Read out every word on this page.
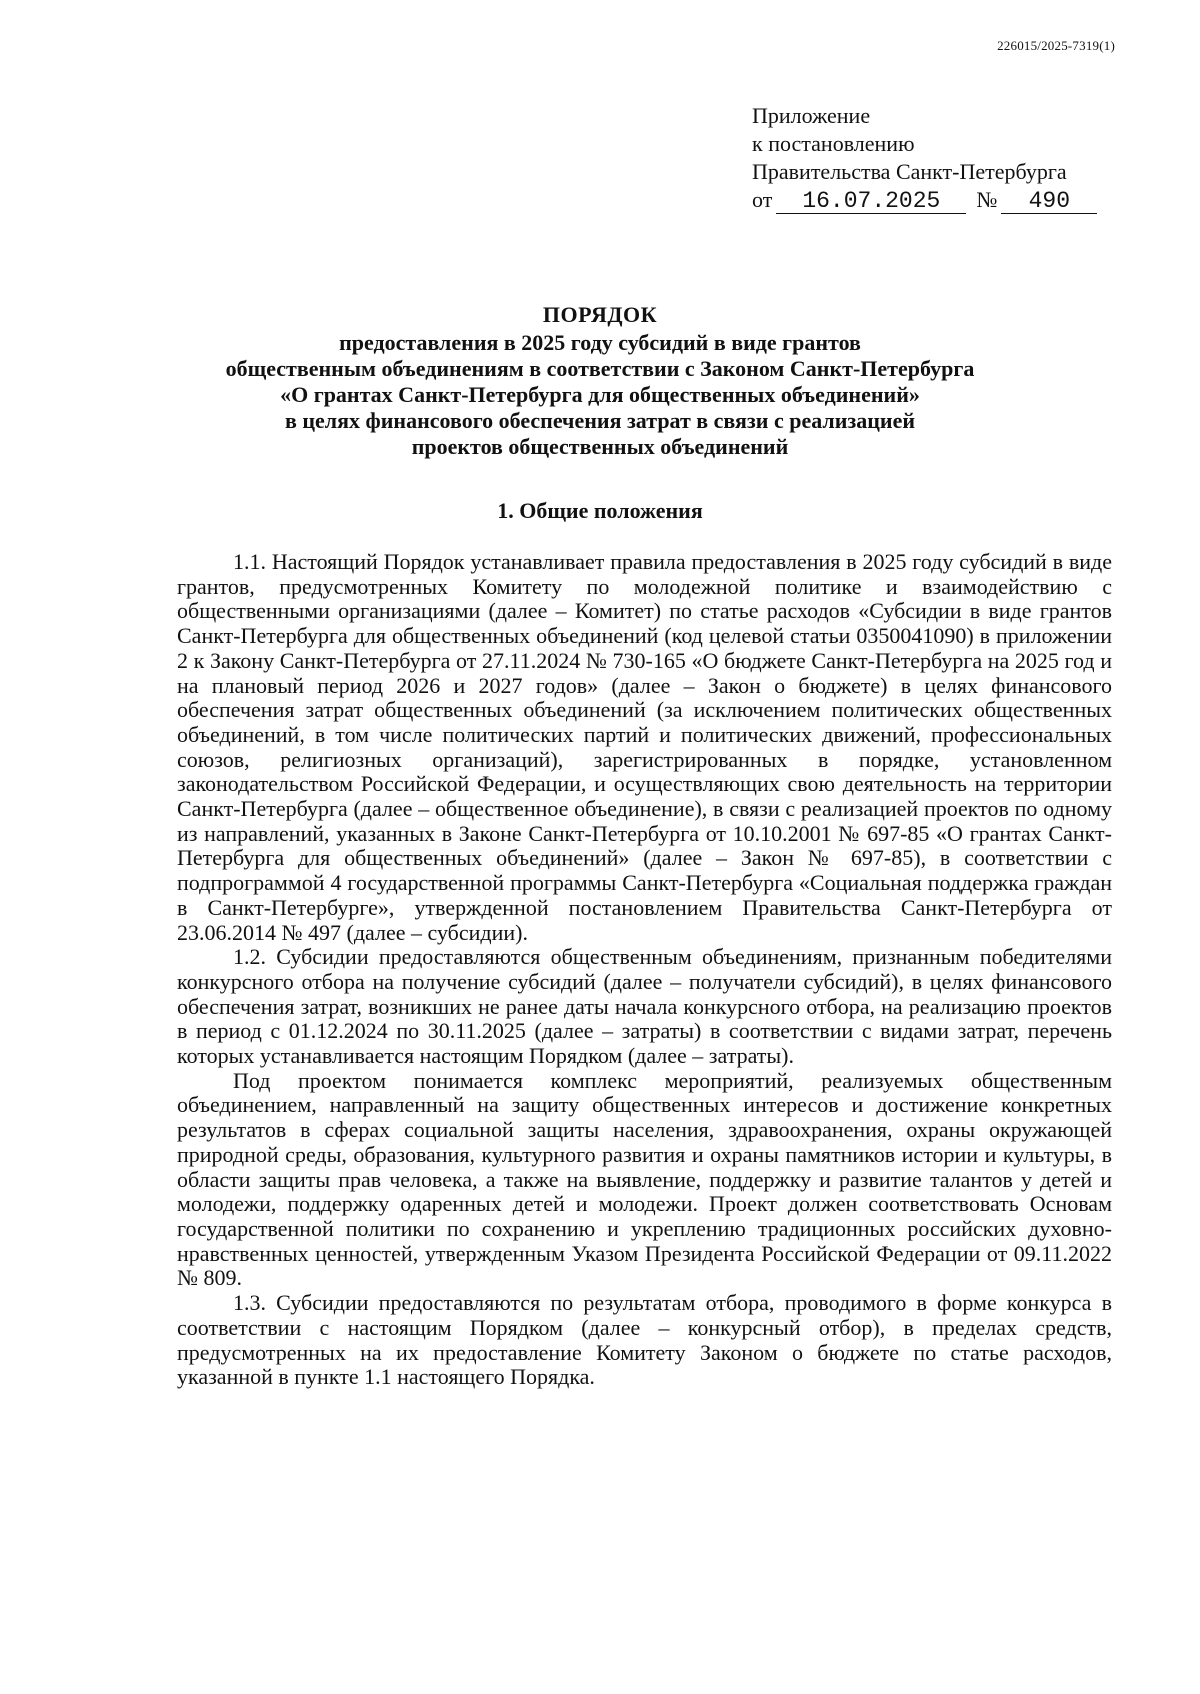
226015/2025-7319(1)
Приложение
к постановлению
Правительства Санкт-Петербурга
от 16.07.2025 № 490
ПОРЯДОК
предоставления в 2025 году субсидий в виде грантов
общественным объединениям в соответствии с Законом Санкт-Петербурга
«О грантах Санкт-Петербурга для общественных объединений»
в целях финансового обеспечения затрат в связи с реализацией
проектов общественных объединений
1. Общие положения

1.1. Настоящий Порядок устанавливает правила предоставления в 2025 году субсидий в виде грантов, предусмотренных Комитету по молодежной политике и взаимодействию с общественными организациями (далее – Комитет) по статье расходов «Субсидии в виде грантов Санкт-Петербурга для общественных объединений (код целевой статьи 0350041090) в приложении 2 к Закону Санкт-Петербурга от 27.11.2024 № 730-165 «О бюджете Санкт-Петербурга на 2025 год и на плановый период 2026 и 2027 годов» (далее – Закон о бюджете) в целях финансового обеспечения затрат общественных объединений (за исключением политических общественных объединений, в том числе политических партий и политических движений, профессиональных союзов, религиозных организаций), зарегистрированных в порядке, установленном законодательством Российской Федерации, и осуществляющих свою деятельность на территории Санкт-Петербурга (далее – общественное объединение), в связи с реализацией проектов по одному из направлений, указанных в Законе Санкт-Петербурга от 10.10.2001 № 697-85 «О грантах Санкт-Петербурга для общественных объединений» (далее – Закон № 697-85), в соответствии с подпрограммой 4 государственной программы Санкт-Петербурга «Социальная поддержка граждан в Санкт-Петербурге», утвержденной постановлением Правительства Санкт-Петербурга от 23.06.2014 № 497 (далее – субсидии).

1.2. Субсидии предоставляются общественным объединениям, признанным победителями конкурсного отбора на получение субсидий (далее – получатели субсидий), в целях финансового обеспечения затрат, возникших не ранее даты начала конкурсного отбора, на реализацию проектов в период с 01.12.2024 по 30.11.2025 (далее – затраты) в соответствии с видами затрат, перечень которых устанавливается настоящим Порядком (далее – затраты).

Под проектом понимается комплекс мероприятий, реализуемых общественным объединением, направленный на защиту общественных интересов и достижение конкретных результатов в сферах социальной защиты населения, здравоохранения, охраны окружающей природной среды, образования, культурного развития и охраны памятников истории и культуры, в области защиты прав человека, а также на выявление, поддержку и развитие талантов у детей и молодежи, поддержку одаренных детей и молодежи. Проект должен соответствовать Основам государственной политики по сохранению и укреплению традиционных российских духовно-нравственных ценностей, утвержденным Указом Президента Российской Федерации от 09.11.2022 № 809.

1.3. Субсидии предоставляются по результатам отбора, проводимого в форме конкурса в соответствии с настоящим Порядком (далее – конкурсный отбор), в пределах средств, предусмотренных на их предоставление Комитету Законом о бюджете по статье расходов, указанной в пункте 1.1 настоящего Порядка.
